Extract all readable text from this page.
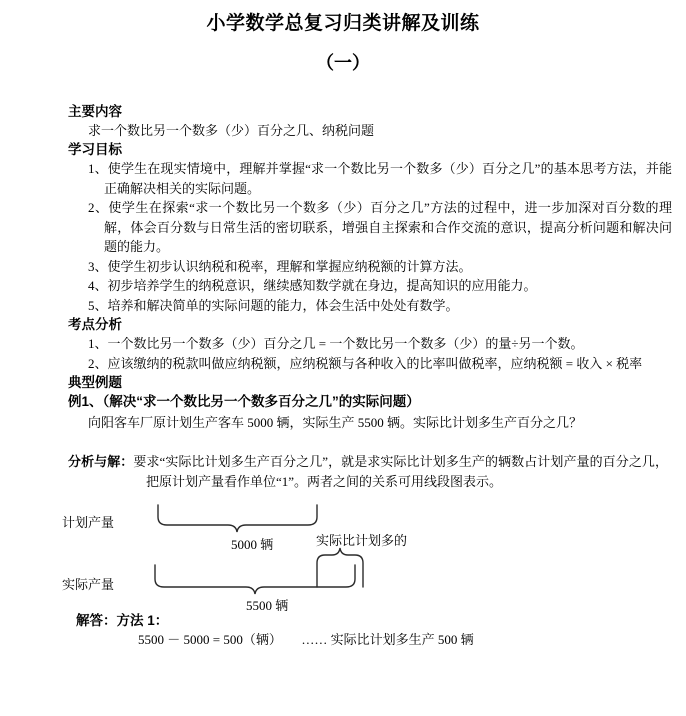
小学数学总复习归类讲解及训练
（一）
主要内容
求一个数比另一个数多（少）百分之几、纳税问题
学习目标
1、使学生在现实情境中，理解并掌握“求一个数比另一个数多（少）百分之几”的基本思考方法，并能正确解决相关的实际问题。
2、使学生在探索“求一个数比另一个数多（少）百分之几”方法的过程中，进一步加深对百分数的理解，体会百分数与日常生活的密切联系，增强自主探索和合作交流的意识，提高分析问题和解决问题的能力。
3、使学生初步认识纳税和税率，理解和掌握应纳税额的计算方法。
4、初步培养学生的纳税意识，继续感知数学就在身边，提高知识的应用能力。
5、培养和解决简单的实际问题的能力，体会生活中处处有数学。
考点分析
1、一个数比另一个数多（少）百分之几 = 一个数比另一个数多（少）的量÷另一个数。
2、应该缴纳的税款叫做应纳税额，应纳税额与各种收入的比率叫做税率，应纳税额 = 收入 × 税率
典型例题
例1、（解决“求一个数比另一个数多百分之几”的实际问题）
向阳客车厂原计划生产客车 5000 辆，实际生产 5500 辆。实际比计划多生产百分之几？
分析与解：要求“实际比计划多生产百分之几”，就是求实际比计划多生产的辆数占计划产量的百分之几，把原计划产量看作单位“1”。两者之间的关系可用线段图表示。
计划产量
实际产量
5000 辆
5500 辆
实际比计划多的
解答：方法 1：
5500 － 5000 = 500（辆）　　…… 实际比计划多生产 500 辆
